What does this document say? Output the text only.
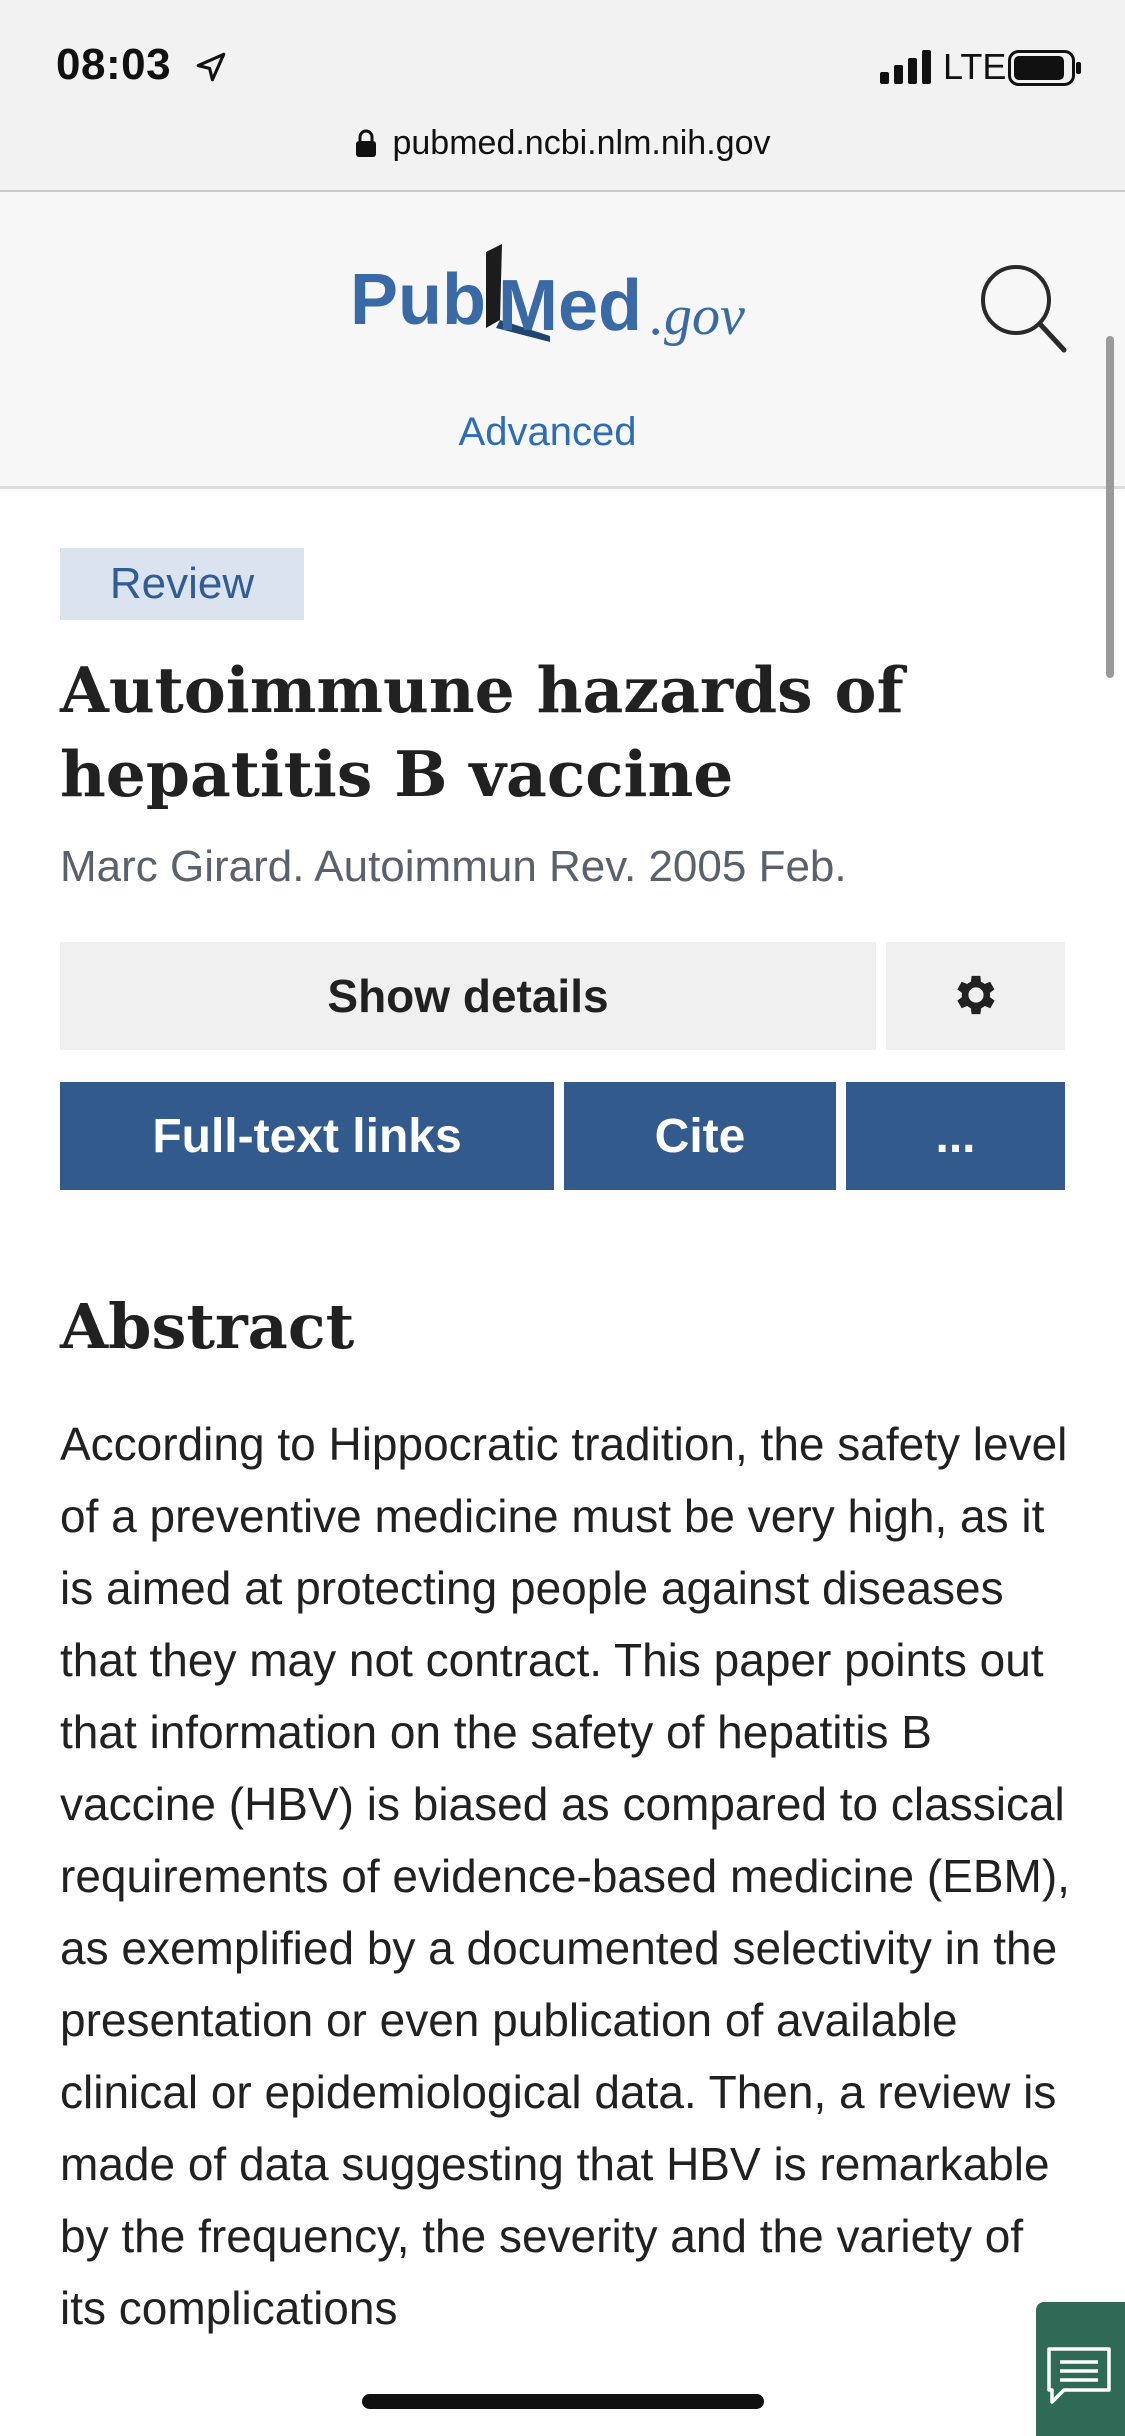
08:03	LTE
pubmed.ncbi.nlm.nih.gov
Pub Med .gov
Advanced
Review
Autoimmune hazards of hepatitis B vaccine
Marc Girard. Autoimmun Rev. 2005 Feb.
Show details
Full-text links	Cite	...
Abstract

According to Hippocratic tradition, the safety level of a preventive medicine must be very high, as it is aimed at protecting people against diseases that they may not contract. This paper points out that information on the safety of hepatitis B vaccine (HBV) is biased as compared to classical requirements of evidence-based medicine (EBM), as exemplified by a documented selectivity in the presentation or even publication of available clinical or epidemiological data. Then, a review is made of data suggesting that HBV is remarkable by the frequency, the severity and the variety of its complications
